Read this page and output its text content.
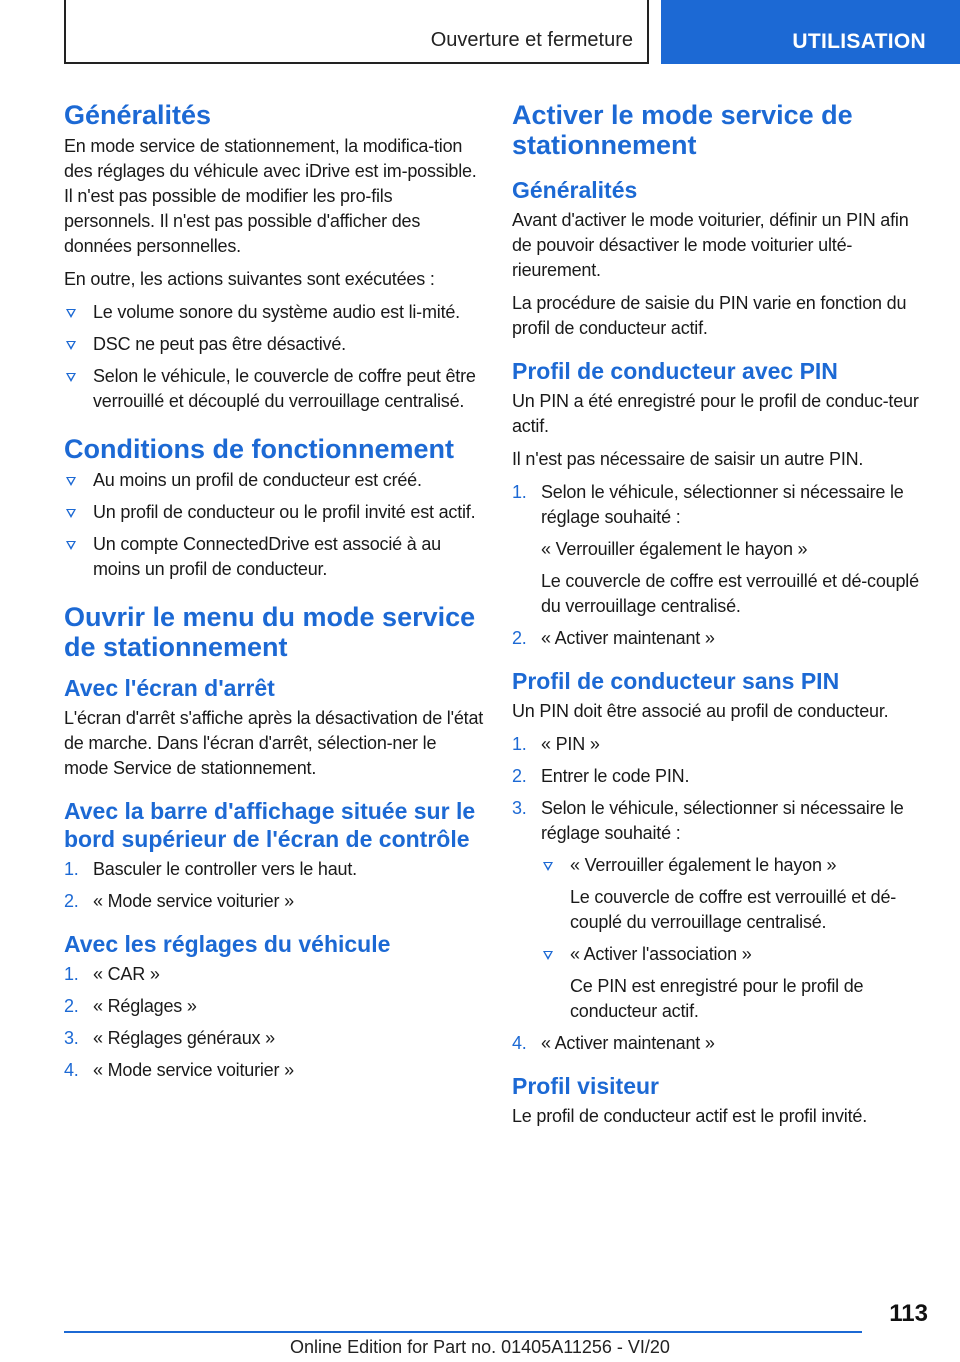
Ouverture et fermeture	UTILISATION
Généralités

En mode service de stationnement, la modifica-tion des réglages du véhicule avec iDrive est im-possible. Il n'est pas possible de modifier les pro-fils personnels. Il n'est pas possible d'afficher des données personnelles.

En outre, les actions suivantes sont exécutées :

Le volume sonore du système audio est li-mité.
DSC ne peut pas être désactivé.
Selon le véhicule, le couvercle de coffre peut être verrouillé et découplé du verrouillage centralisé.
Conditions de fonctionnement
Au moins un profil de conducteur est créé.
Un profil de conducteur ou le profil invité est actif.
Un compte ConnectedDrive est associé à au moins un profil de conducteur.
Ouvrir le menu du mode service de stationnement
Avec l'écran d'arrêt

L'écran d'arrêt s'affiche après la désactivation de l'état de marche. Dans l'écran d'arrêt, sélection-ner le mode Service de stationnement.

Avec la barre d'affichage située sur le bord supérieur de l'écran de contrôle
1. Basculer le controller vers le haut.
2. « Mode service voiturier »
Avec les réglages du véhicule
1. « CAR »
2. « Réglages »
3. « Réglages généraux »
4. « Mode service voiturier »
Activer le mode service de stationnement
Généralités

Avant d'activer le mode voiturier, définir un PIN afin de pouvoir désactiver le mode voiturier ulté-rieurement.

La procédure de saisie du PIN varie en fonction du profil de conducteur actif.

Profil de conducteur avec PIN

Un PIN a été enregistré pour le profil de conduc-teur actif.

Il n'est pas nécessaire de saisir un autre PIN.

1. Selon le véhicule, sélectionner si nécessaire le réglage souhaité :
« Verrouiller également le hayon »
Le couvercle de coffre est verrouillé et dé-couplé du verrouillage centralisé.
2. « Activer maintenant »
Profil de conducteur sans PIN

Un PIN doit être associé au profil de conducteur.

1. « PIN »
2. Entrer le code PIN.
3. Selon le véhicule, sélectionner si nécessaire le réglage souhaité :
« Verrouiller également le hayon »
Le couvercle de coffre est verrouillé et dé-couplé du verrouillage centralisé.
« Activer l'association »
Ce PIN est enregistré pour le profil de conducteur actif.
4. « Activer maintenant »
Profil visiteur

Le profil de conducteur actif est le profil invité.

113
Online Edition for Part no. 01405A11256 - VI/20
